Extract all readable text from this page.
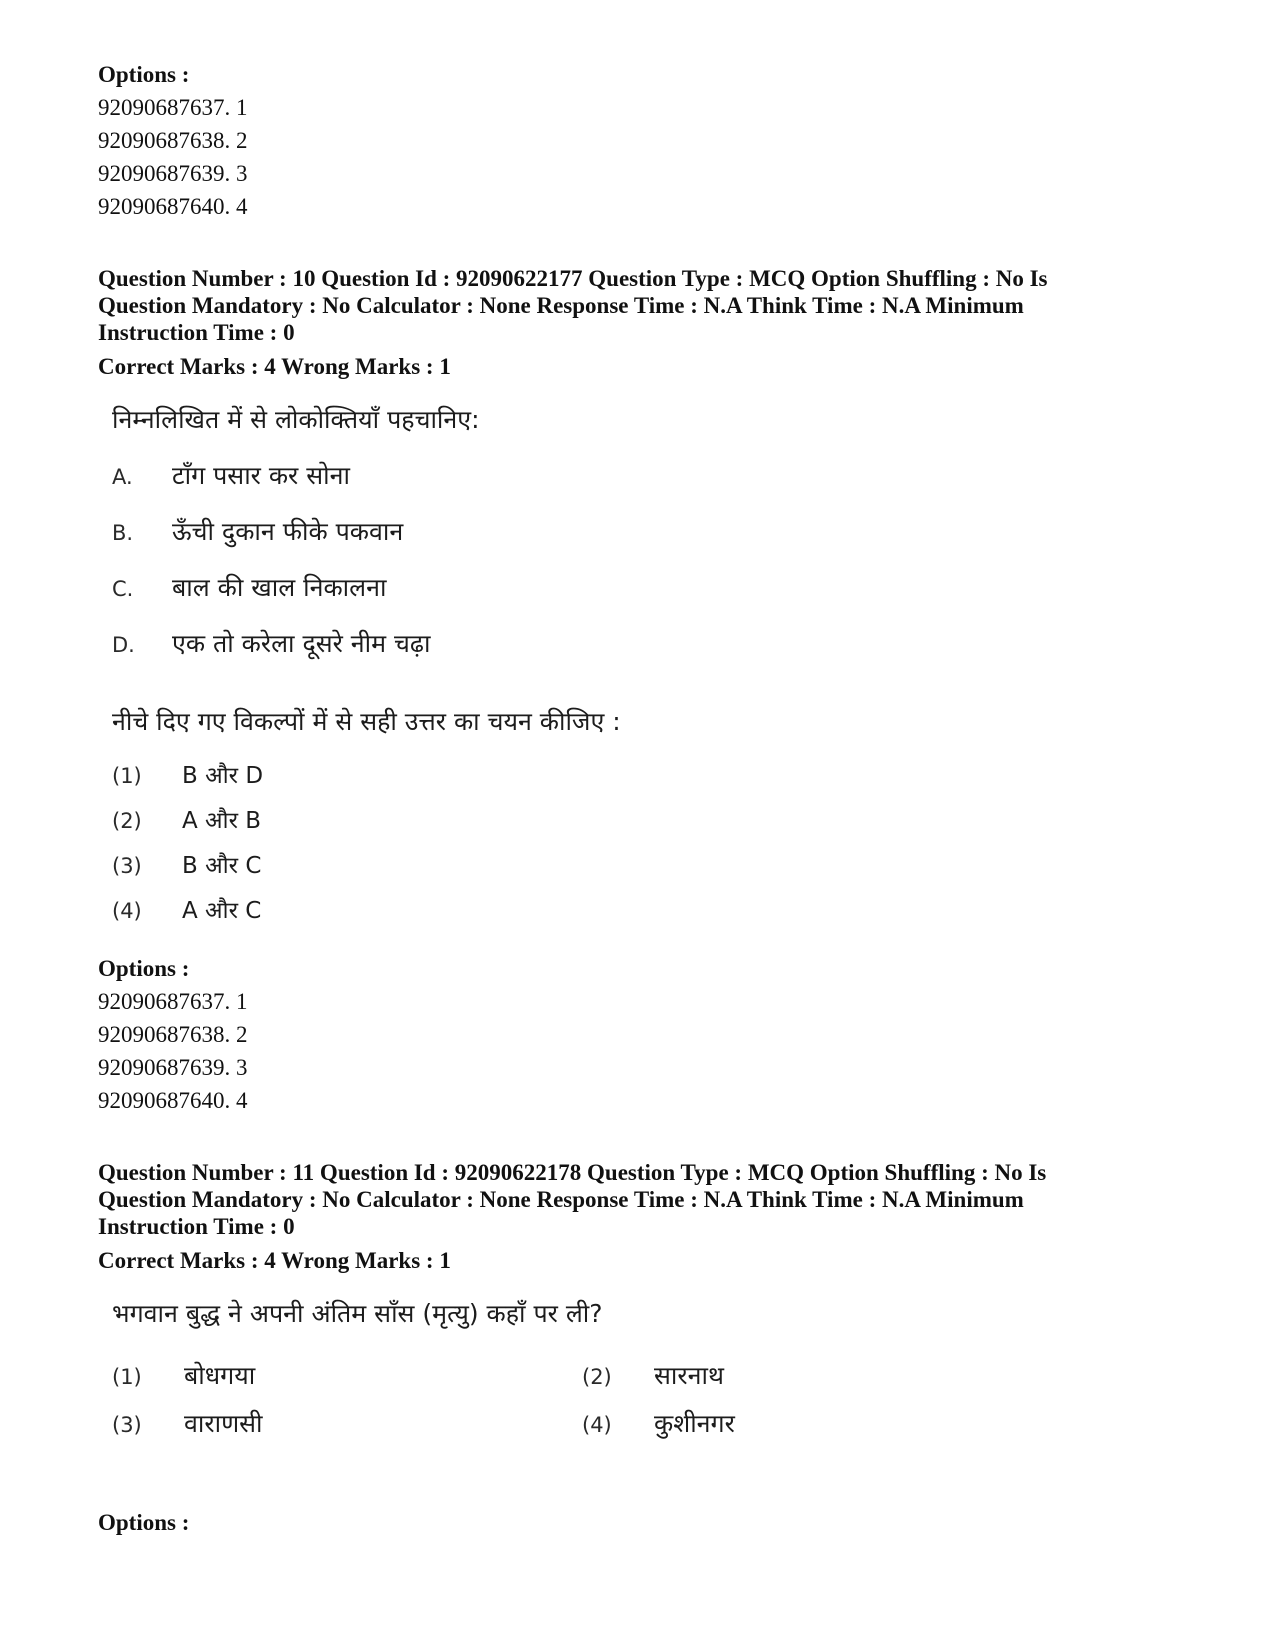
Options :
92090687637. 1
92090687638. 2
92090687639. 3
92090687640. 4
Question Number : 10 Question Id : 92090622177 Question Type : MCQ Option Shuffling : No Is
Question Mandatory : No Calculator : None Response Time : N.A Think Time : N.A Minimum
Instruction Time : 0
Correct Marks : 4 Wrong Marks : 1
निम्नलिखित में से लोकोक्तियाँ पहचानिए:
A.	टाँग पसार कर सोना
B.	ऊँची दुकान फीके पकवान
C.	बाल की खाल निकालना
D.	एक तो करेला दूसरे नीम चढ़ा
नीचे दिए गए विकल्पों में से सही उत्तर का चयन कीजिए :
(1)	B और D
(2)	A और B
(3)	B और C
(4)	A और C
Options :
92090687637. 1
92090687638. 2
92090687639. 3
92090687640. 4
Question Number : 11 Question Id : 92090622178 Question Type : MCQ Option Shuffling : No Is
Question Mandatory : No Calculator : None Response Time : N.A Think Time : N.A Minimum
Instruction Time : 0
Correct Marks : 4 Wrong Marks : 1
भगवान बुद्ध ने अपनी अंतिम साँस (मृत्यु) कहाँ पर ली?
(1)	बोधगया	(2)	सारनाथ
(3)	वाराणसी	(4)	कुशीनगर
Options :
